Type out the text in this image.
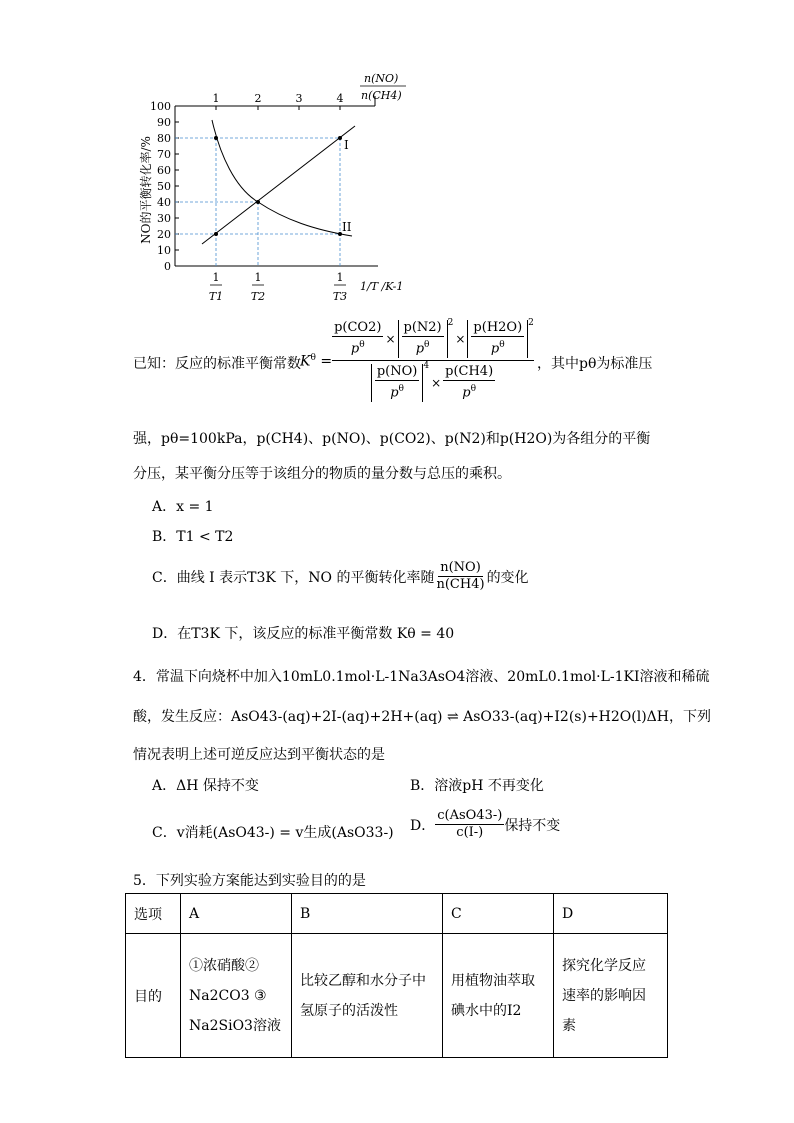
0
10
20
30
40
50
60
70
80
90
100
1	2	3	4
I
II
n(NO)
n(CH4)
NO的平衡转化率/%
1
T1
1
T2
1
T3
1/T /K-1
已知：反应的标准平衡常数 $K^\theta$ =
$\frac{p(CO2)}{p^\theta} \times \frac{p(N2)}{p^\theta} ^2$
× $\frac{p(H2O)}{p^\theta} ^2$
$\frac{p(NO)}{p^\theta} ^4$
× $\frac{p(CH4)}{p^\theta}$
，其中pθ为标准压
强，pθ=100kPa，p(CH4)、p(NO)、p(CO2)、p(N2)和p(H2O)为各组分的平衡
分压，某平衡分压等于该组分的物质的量分数与总压的乘积。
A．x = 1
B．T1 < T2
C．曲线 I 表示T3K 下，NO 的平衡转化率随 $\frac{n(NO)}{n(CH4)}$ 的变化
D．在T3K 下，该反应的标准平衡常数 Kθ = 40
4．常温下向烧杯中加入10mL0.1mol·L-1Na3AsO4溶液、20mL0.1mol·L-1KI溶液和稀硫
酸，发生反应：AsO43-(aq)+2I-(aq)+2H+(aq) ⇌ AsO33-(aq)+I2(s)+H2O(l)ΔH，下列
情况表明上述可逆反应达到平衡状态的是
A．ΔH 保持不变	B．溶液pH 不再变化
C．v消耗(AsO43-) = v生成(AsO33-) D． $\frac{\text{c(AsO43-)}}{c(I-)}$ 保持不变
5．下列实验方案能达到实验目的的是
选项	A	B	C	D
目的	①浓硝酸② Na2CO3 ③ Na2SiO3溶液	比较乙醇和水分子中氢原子的活泼性	用植物油萃取碘水中的I2	探究化学反应速率的影响因素
